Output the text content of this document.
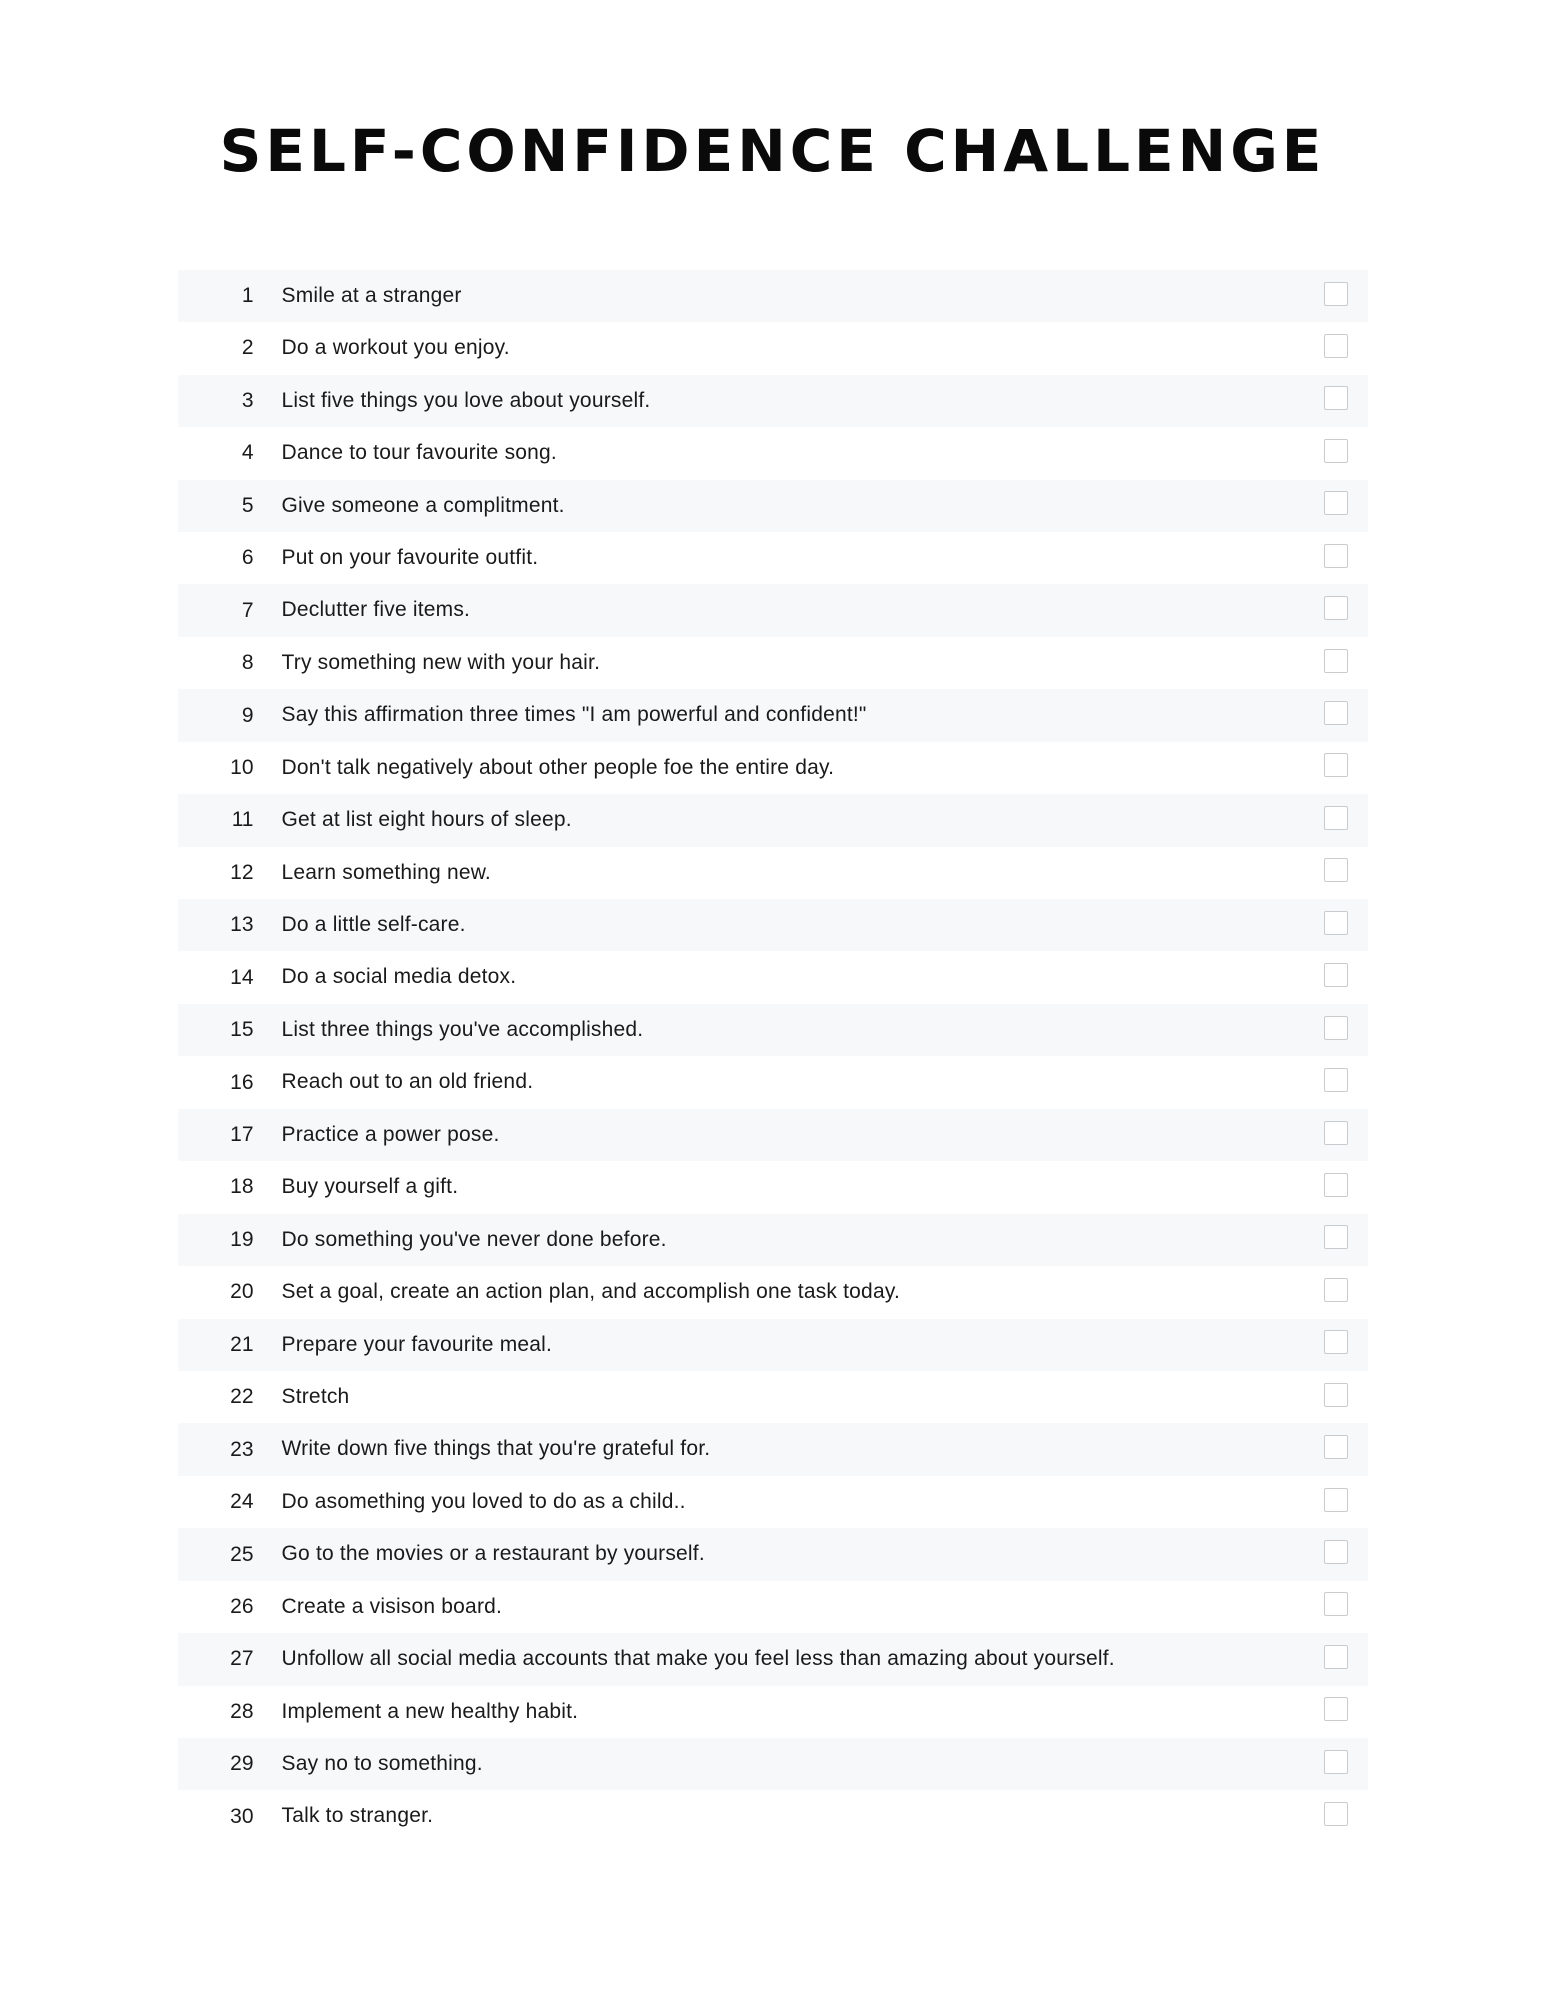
SELF-CONFIDENCE CHALLENGE
1	Smile at a stranger		
2	Do a workout you enjoy.		
3	List five things you love about yourself.		
4	Dance to tour favourite song.		
5	Give someone a complitment.		
6	Put on your favourite outfit.		
7	Declutter five items.		
8	Try something new with your hair.		
9	Say this affirmation three times "I am powerful and confident!"		
10	Don't talk negatively about other people foe the entire day.		
11	Get at list eight hours of sleep.		
12	Learn something new.		
13	Do a little self-care.		
14	Do a social media detox.		
15	List three things you've accomplished.		
16	Reach out to an old friend.		
17	Practice a power pose.		
18	Buy yourself a gift.		
19	Do something you've never done before.		
20	Set a goal, create an action plan, and accomplish one task today.		
21	Prepare your favourite meal.		
22	Stretch		
23	Write down five things that you're grateful for.		
24	Do asomething you loved to do as a child..		
25	Go to the movies or a restaurant by yourself.		
26	Create a visison board.		
27	Unfollow all social media accounts that make you feel less than amazing about yourself.		
28	Implement a new healthy habit.		
29	Say no to something.		
30	Talk to stranger.		
